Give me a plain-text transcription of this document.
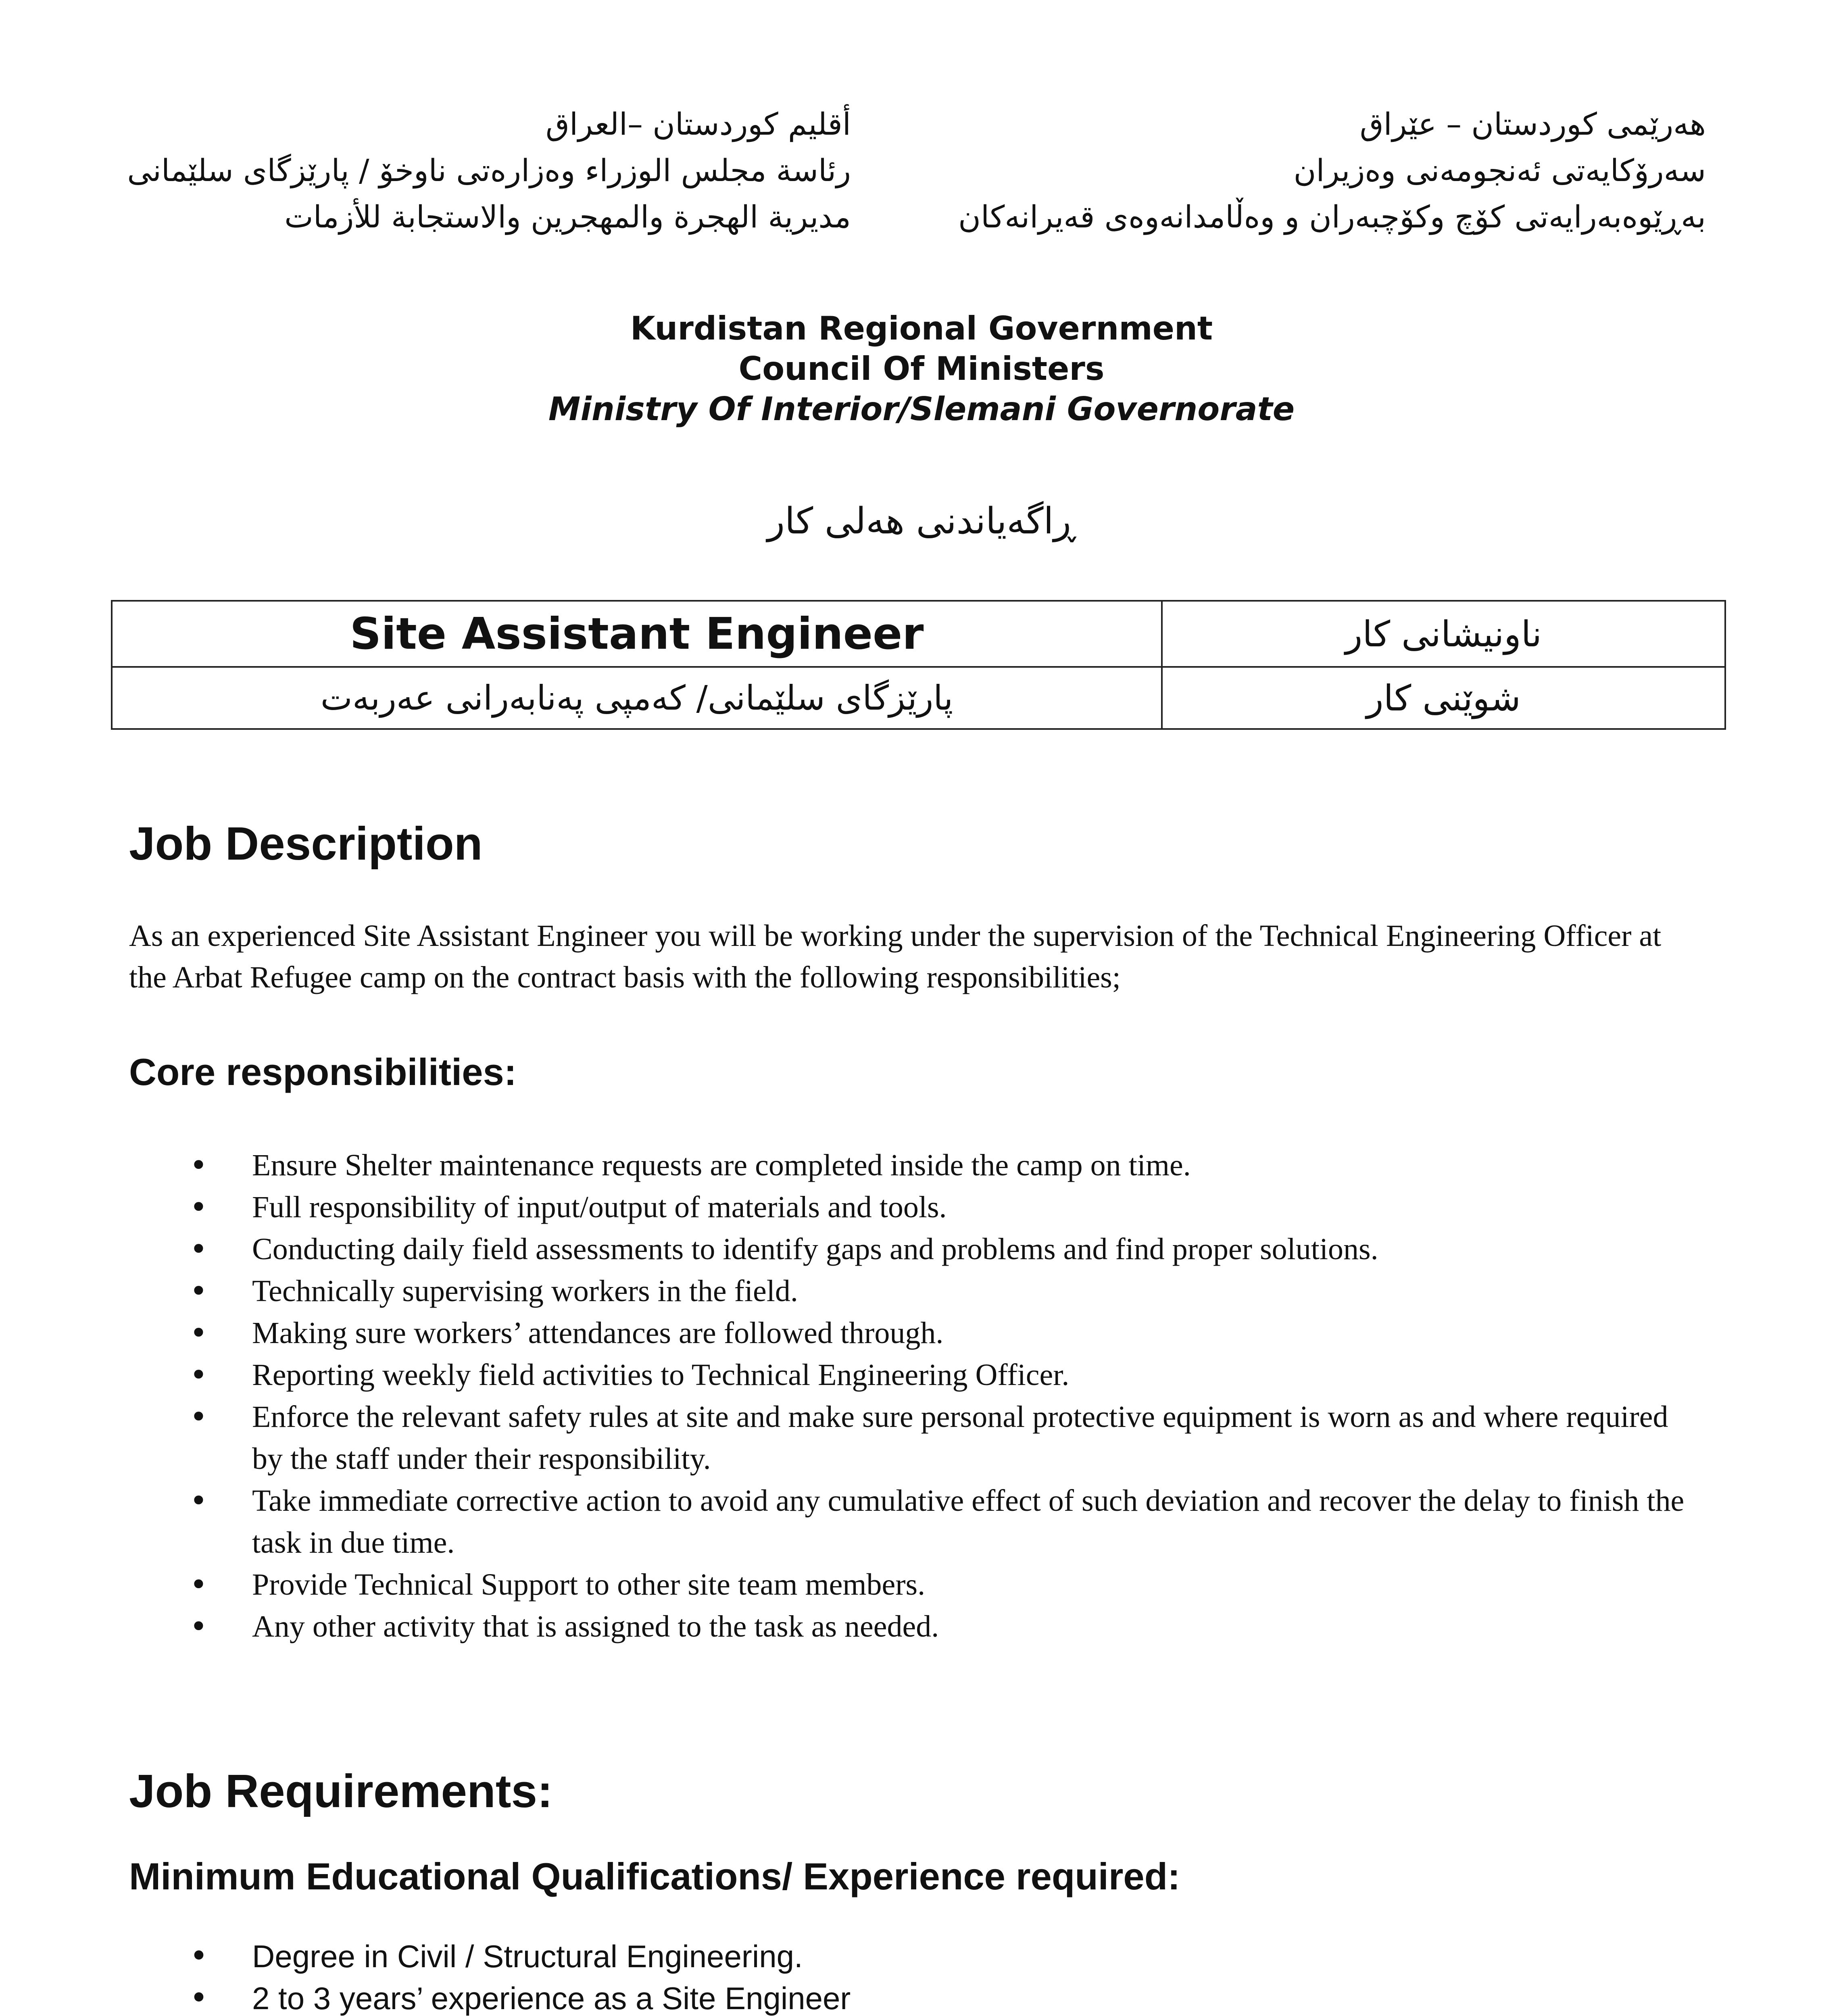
هەرێمی کوردستان – عێراق
سەرۆکایەتی ئەنجومەنی وەزیران
بەڕێوەبەرایەتی کۆچ وکۆچبەران و وەڵامدانەوەی قەیرانەکان
أقليم كوردستان –العراق
رئاسة مجلس الوزراء وەزارەتی ناوخۆ / پارێزگای سلێمانی
مديرية الهجرة والمهجرين والاستجابة للأزمات
Kurdistan Regional Government
Council Of Ministers
Ministry Of Interior/Slemani Governorate
ڕاگەیاندنی هەلی کار
Site Assistant Engineer	ناونیشانی کار
پارێزگای سلێمانی/ کەمپی پەنابەرانی عەربەت	شوێنی کار
Job Description
As an experienced Site Assistant Engineer you will be working under the supervision of the Technical Engineering Officer at the Arbat Refugee camp on the contract basis with the following responsibilities;
Core responsibilities:
• Ensure Shelter maintenance requests are completed inside the camp on time.
• Full responsibility of input/output of materials and tools.
• Conducting daily field assessments to identify gaps and problems and find proper solutions.
• Technically supervising workers in the field.
• Making sure workers’ attendances are followed through.
• Reporting weekly field activities to Technical Engineering Officer.
• Enforce the relevant safety rules at site and make sure personal protective equipment is worn as and where required by the staff under their responsibility.
• Take immediate corrective action to avoid any cumulative effect of such deviation and recover the delay to finish the task in due time.
• Provide Technical Support to other site team members.
• Any other activity that is assigned to the task as needed.
Job Requirements:
Minimum Educational Qualifications/ Experience required:
• Degree in Civil / Structural Engineering.
• 2 to 3 years’ experience as a Site Engineer
